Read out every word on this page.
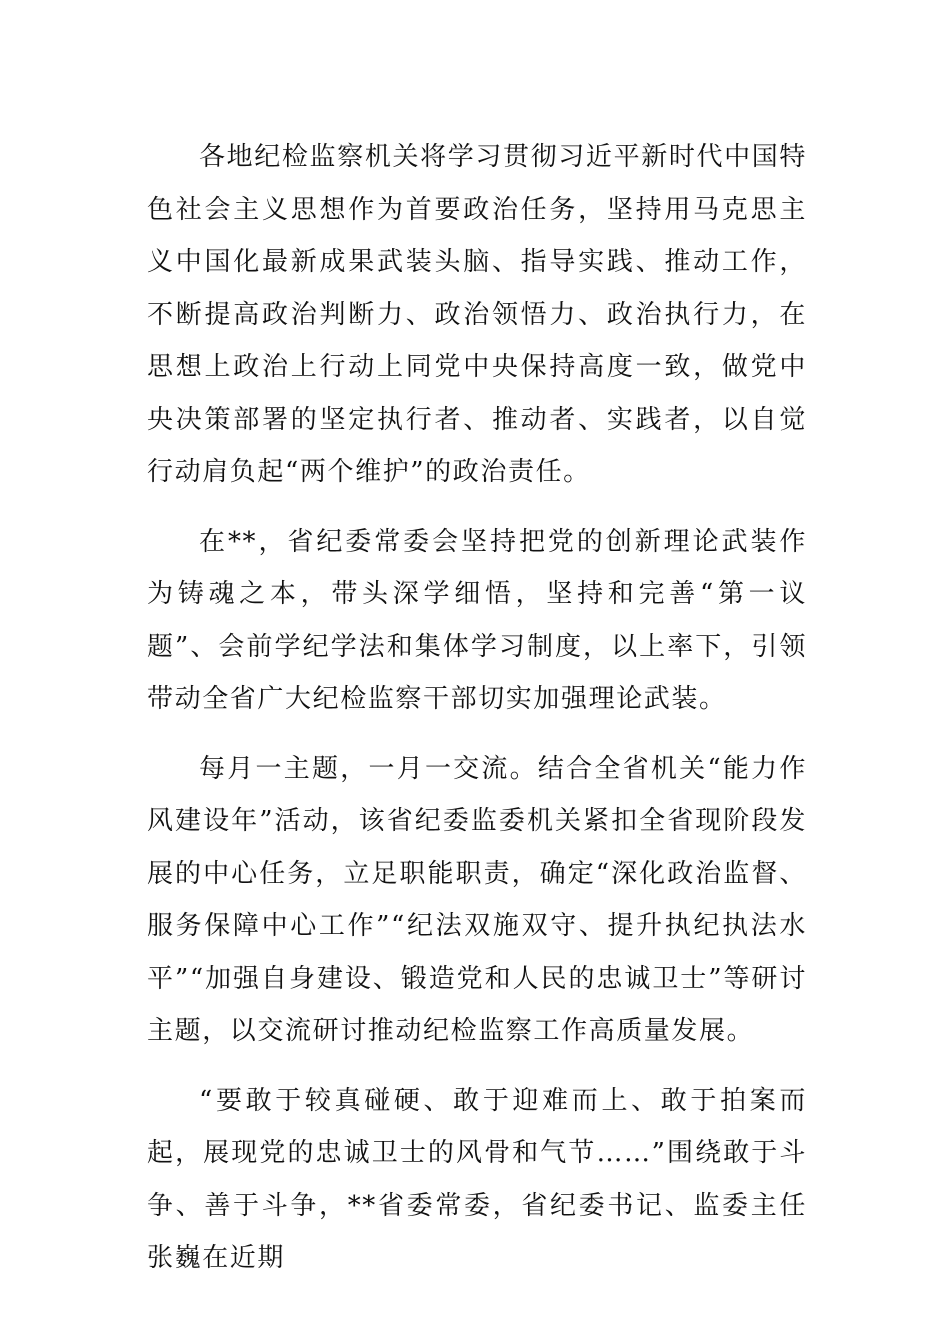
各地纪检监察机关将学习贯彻习近平新时代中国特色社会主义思想作为首要政治任务，坚持用马克思主义中国化最新成果武装头脑、指导实践、推动工作，不断提高政治判断力、政治领悟力、政治执行力，在思想上政治上行动上同党中央保持高度一致，做党中央决策部署的坚定执行者、推动者、实践者，以自觉行动肩负起“两个维护”的政治责任。

在**，省纪委常委会坚持把党的创新理论武装作为铸魂之本，带头深学细悟，坚持和完善“第一议题”、会前学纪学法和集体学习制度，以上率下，引领带动全省广大纪检监察干部切实加强理论武装。

每月一主题，一月一交流。结合全省机关“能力作风建设年”活动，该省纪委监委机关紧扣全省现阶段发展的中心任务，立足职能职责，确定“深化政治监督、服务保障中心工作”“纪法双施双守、提升执纪执法水平”“加强自身建设、锻造党和人民的忠诚卫士”等研讨主题，以交流研讨推动纪检监察工作高质量发展。

“要敢于较真碰硬、敢于迎难而上、敢于拍案而起，展现党的忠诚卫士的风骨和气节……”围绕敢于斗争、善于斗争，**省委常委，省纪委书记、监委主任张巍在近期
